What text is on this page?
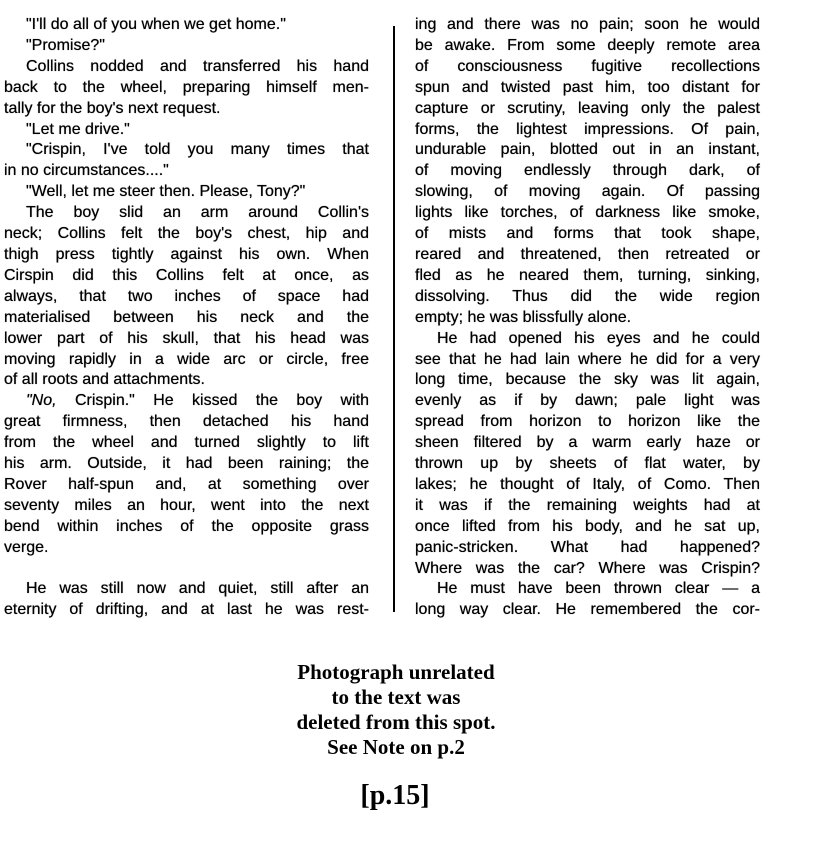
"I'll do all of you when we get home."
"Promise?"
Collins nodded and transferred his hand
back to the wheel, preparing himself men-
tally for the boy's next request.
"Let me drive."
"Crispin, I've told you many times that
in no circumstances...."
"Well, let me steer then. Please, Tony?"
The boy slid an arm around Collin's
neck; Collins felt the boy's chest, hip and
thigh press tightly against his own. When
Cirspin did this Collins felt at once, as
always, that two inches of space had
materialised between his neck and the
lower part of his skull, that his head was
moving rapidly in a wide arc or circle, free
of all roots and attachments.
"No, Crispin." He kissed the boy with
great firmness, then detached his hand
from the wheel and turned slightly to lift
his arm. Outside, it had been raining; the
Rover half-spun and, at something over
seventy miles an hour, went into the next
bend within inches of the opposite grass
verge.

He was still now and quiet, still after an
eternity of drifting, and at last he was rest-
ing and there was no pain; soon he would
be awake. From some deeply remote area
of consciousness fugitive recollections
spun and twisted past him, too distant for
capture or scrutiny, leaving only the palest
forms, the lightest impressions. Of pain,
undurable pain, blotted out in an instant,
of moving endlessly through dark, of
slowing, of moving again. Of passing
lights like torches, of darkness like smoke,
of mists and forms that took shape,
reared and threatened, then retreated or
fled as he neared them, turning, sinking,
dissolving. Thus did the wide region
empty; he was blissfully alone.
He had opened his eyes and he could
see that he had lain where he did for a very
long time, because the sky was lit again,
evenly as if by dawn; pale light was
spread from horizon to horizon like the
sheen filtered by a warm early haze or
thrown up by sheets of flat water, by
lakes; he thought of Italy, of Como. Then
it was if the remaining weights had at
once lifted from his body, and he sat up,
panic-stricken. What had happened?
Where was the car? Where was Crispin?
He must have been thrown clear — a
long way clear. He remembered the cor-
Photograph unrelated
to the text was
deleted from this spot.
See Note on p.2
[p.15]
